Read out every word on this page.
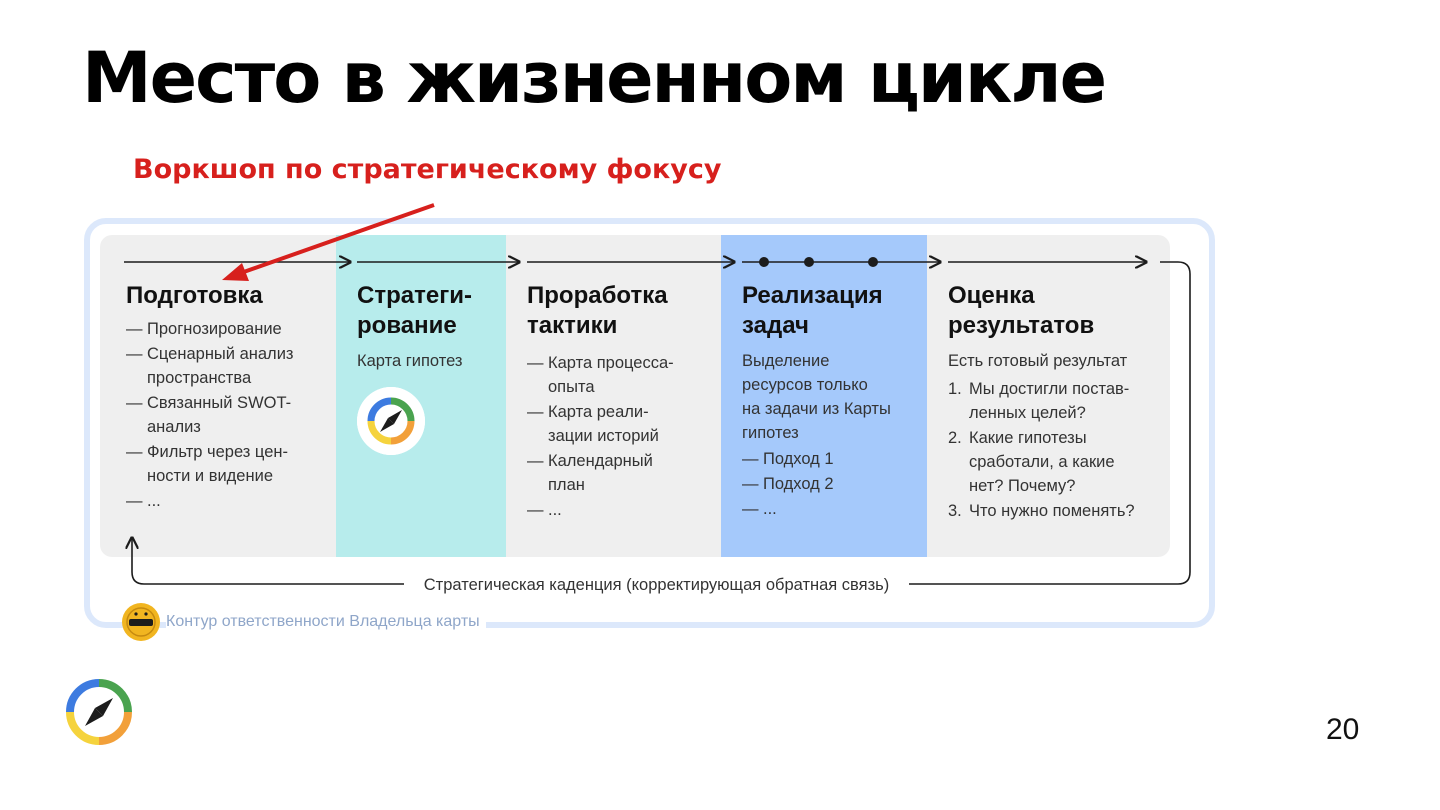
Место в жизненном цикле
Воркшоп по стратегическому фокусу
Подготовка
— Прогнозирование
— Сценарный анализ
пространства
— Связанный SWOT-
анализ
— Фильтр через цен-
ности и видение
— ...
Стратеги-
рование
Карта гипотез
Проработка
тактики
— Карта процесса-
опыта
— Карта реали-
зации историй
— Календарный
план
— ...
Реализация
задач
Выделение
ресурсов только
на задачи из Карты
гипотез
— Подход 1
— Подход 2
— ...
Оценка
результатов
Есть готовый результат
1. Мы достигли постав-
ленных целей?
2. Какие гипотезы
сработали, а какие
нет? Почему?
3. Что нужно поменять?
Стратегическая каденция (корректирующая обратная связь)
Контур ответственности Владельца карты
20
